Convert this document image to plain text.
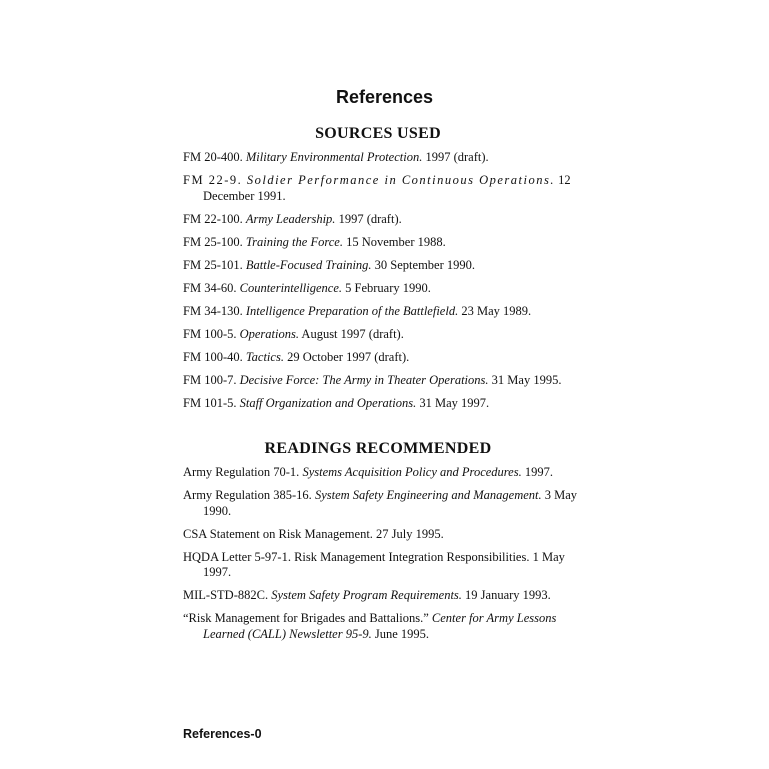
References
SOURCES USED
FM 20-400. Military Environmental Protection. 1997 (draft).
FM 22-9. Soldier Performance in Continuous Operations. 12 December 1991.
FM 22-100. Army Leadership. 1997 (draft).
FM 25-100. Training the Force. 15 November 1988.
FM 25-101. Battle-Focused Training. 30 September 1990.
FM 34-60. Counterintelligence. 5 February 1990.
FM 34-130. Intelligence Preparation of the Battlefield. 23 May 1989.
FM 100-5. Operations. August 1997 (draft).
FM 100-40. Tactics. 29 October 1997 (draft).
FM 100-7. Decisive Force: The Army in Theater Operations. 31 May 1995.
FM 101-5. Staff Organization and Operations. 31 May 1997.
READINGS RECOMMENDED
Army Regulation 70-1. Systems Acquisition Policy and Procedures. 1997.
Army Regulation 385-16. System Safety Engineering and Management. 3 May 1990.
CSA Statement on Risk Management. 27 July 1995.
HQDA Letter 5-97-1. Risk Management Integration Responsibilities. 1 May 1997.
MIL-STD-882C. System Safety Program Requirements. 19 January 1993.
“Risk Management for Brigades and Battalions.” Center for Army Lessons Learned (CALL) Newsletter 95-9. June 1995.
References-0
